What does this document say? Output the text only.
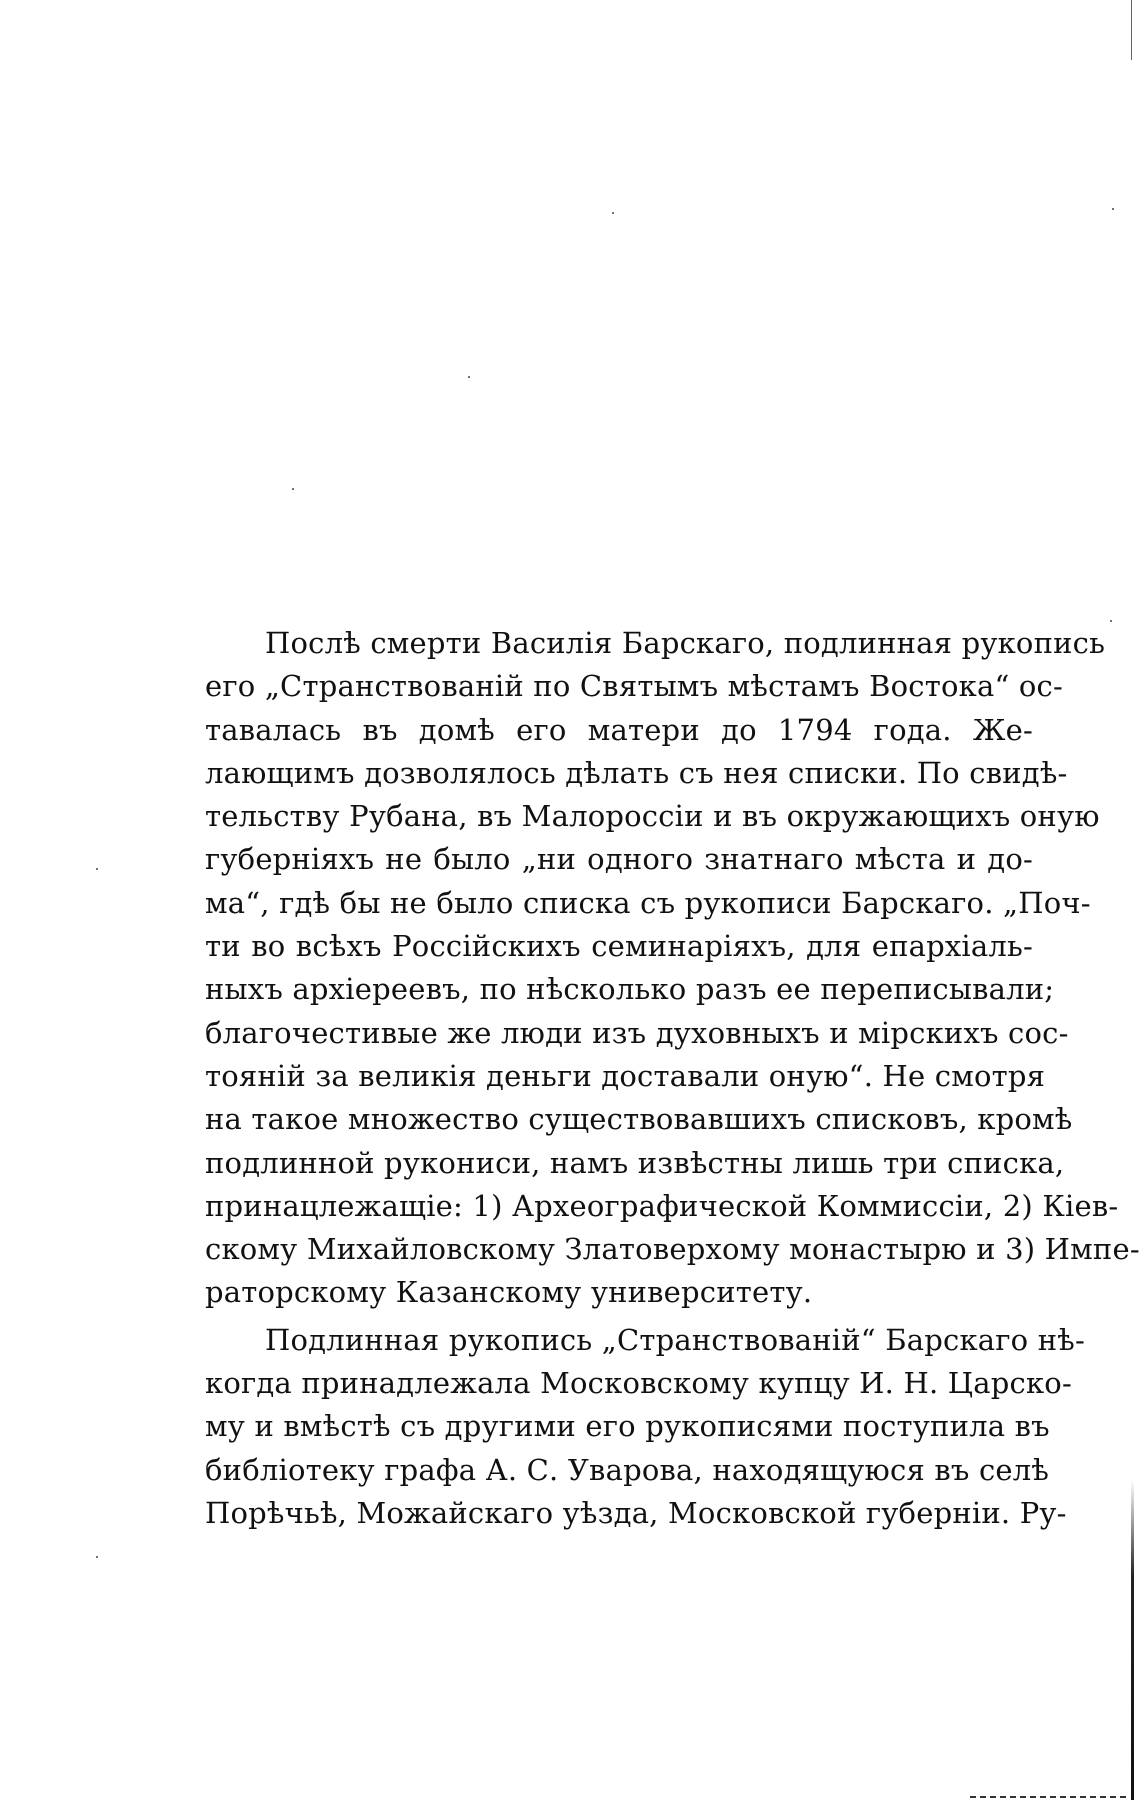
Послѣ смерти Василія Барскаго, подлинная рукопись
его „Странствованій по Святымъ мѣстамъ Востока“ ос-
тавалась въ домѣ его матери до 1794 года. Же-
лающимъ дозволялось дѣлать съ нея списки. По свидѣ-
тельству Рубана, въ Малороссіи и въ окружающихъ оную
губерніяхъ не было „ни одного знатнаго мѣста и до-
ма“, гдѣ бы не было списка съ рукописи Барскаго. „Поч-
ти во всѣхъ Россійскихъ семинаріяхъ, для епархіаль-
ныхъ архіереевъ, по нѣсколько разъ ее переписывали;
благочестивые же люди изъ духовныхъ и мірскихъ сос-
тояній за великія деньги доставали оную“. Не смотря
на такое множество существовавшихъ списковъ, кромѣ
подлинной рукониси, намъ извѣстны лишь три списка,
принацлежащіе: 1) Археографической Коммиссіи, 2) Кіев-
скому Михайловскому Златоверхому монастырю и 3) Импе-
раторскому Казанскому университету.

Подлинная рукопись „Странствованій“ Барскаго нѣ-
когда принадлежала Московскому купцу И. Н. Царско-
му и вмѣстѣ съ другими его рукописями поступила въ
библіотеку графа А. С. Уварова, находящуюся въ селѣ
Порѣчьѣ, Можайскаго уѣзда, Московской губерніи. Ру-
